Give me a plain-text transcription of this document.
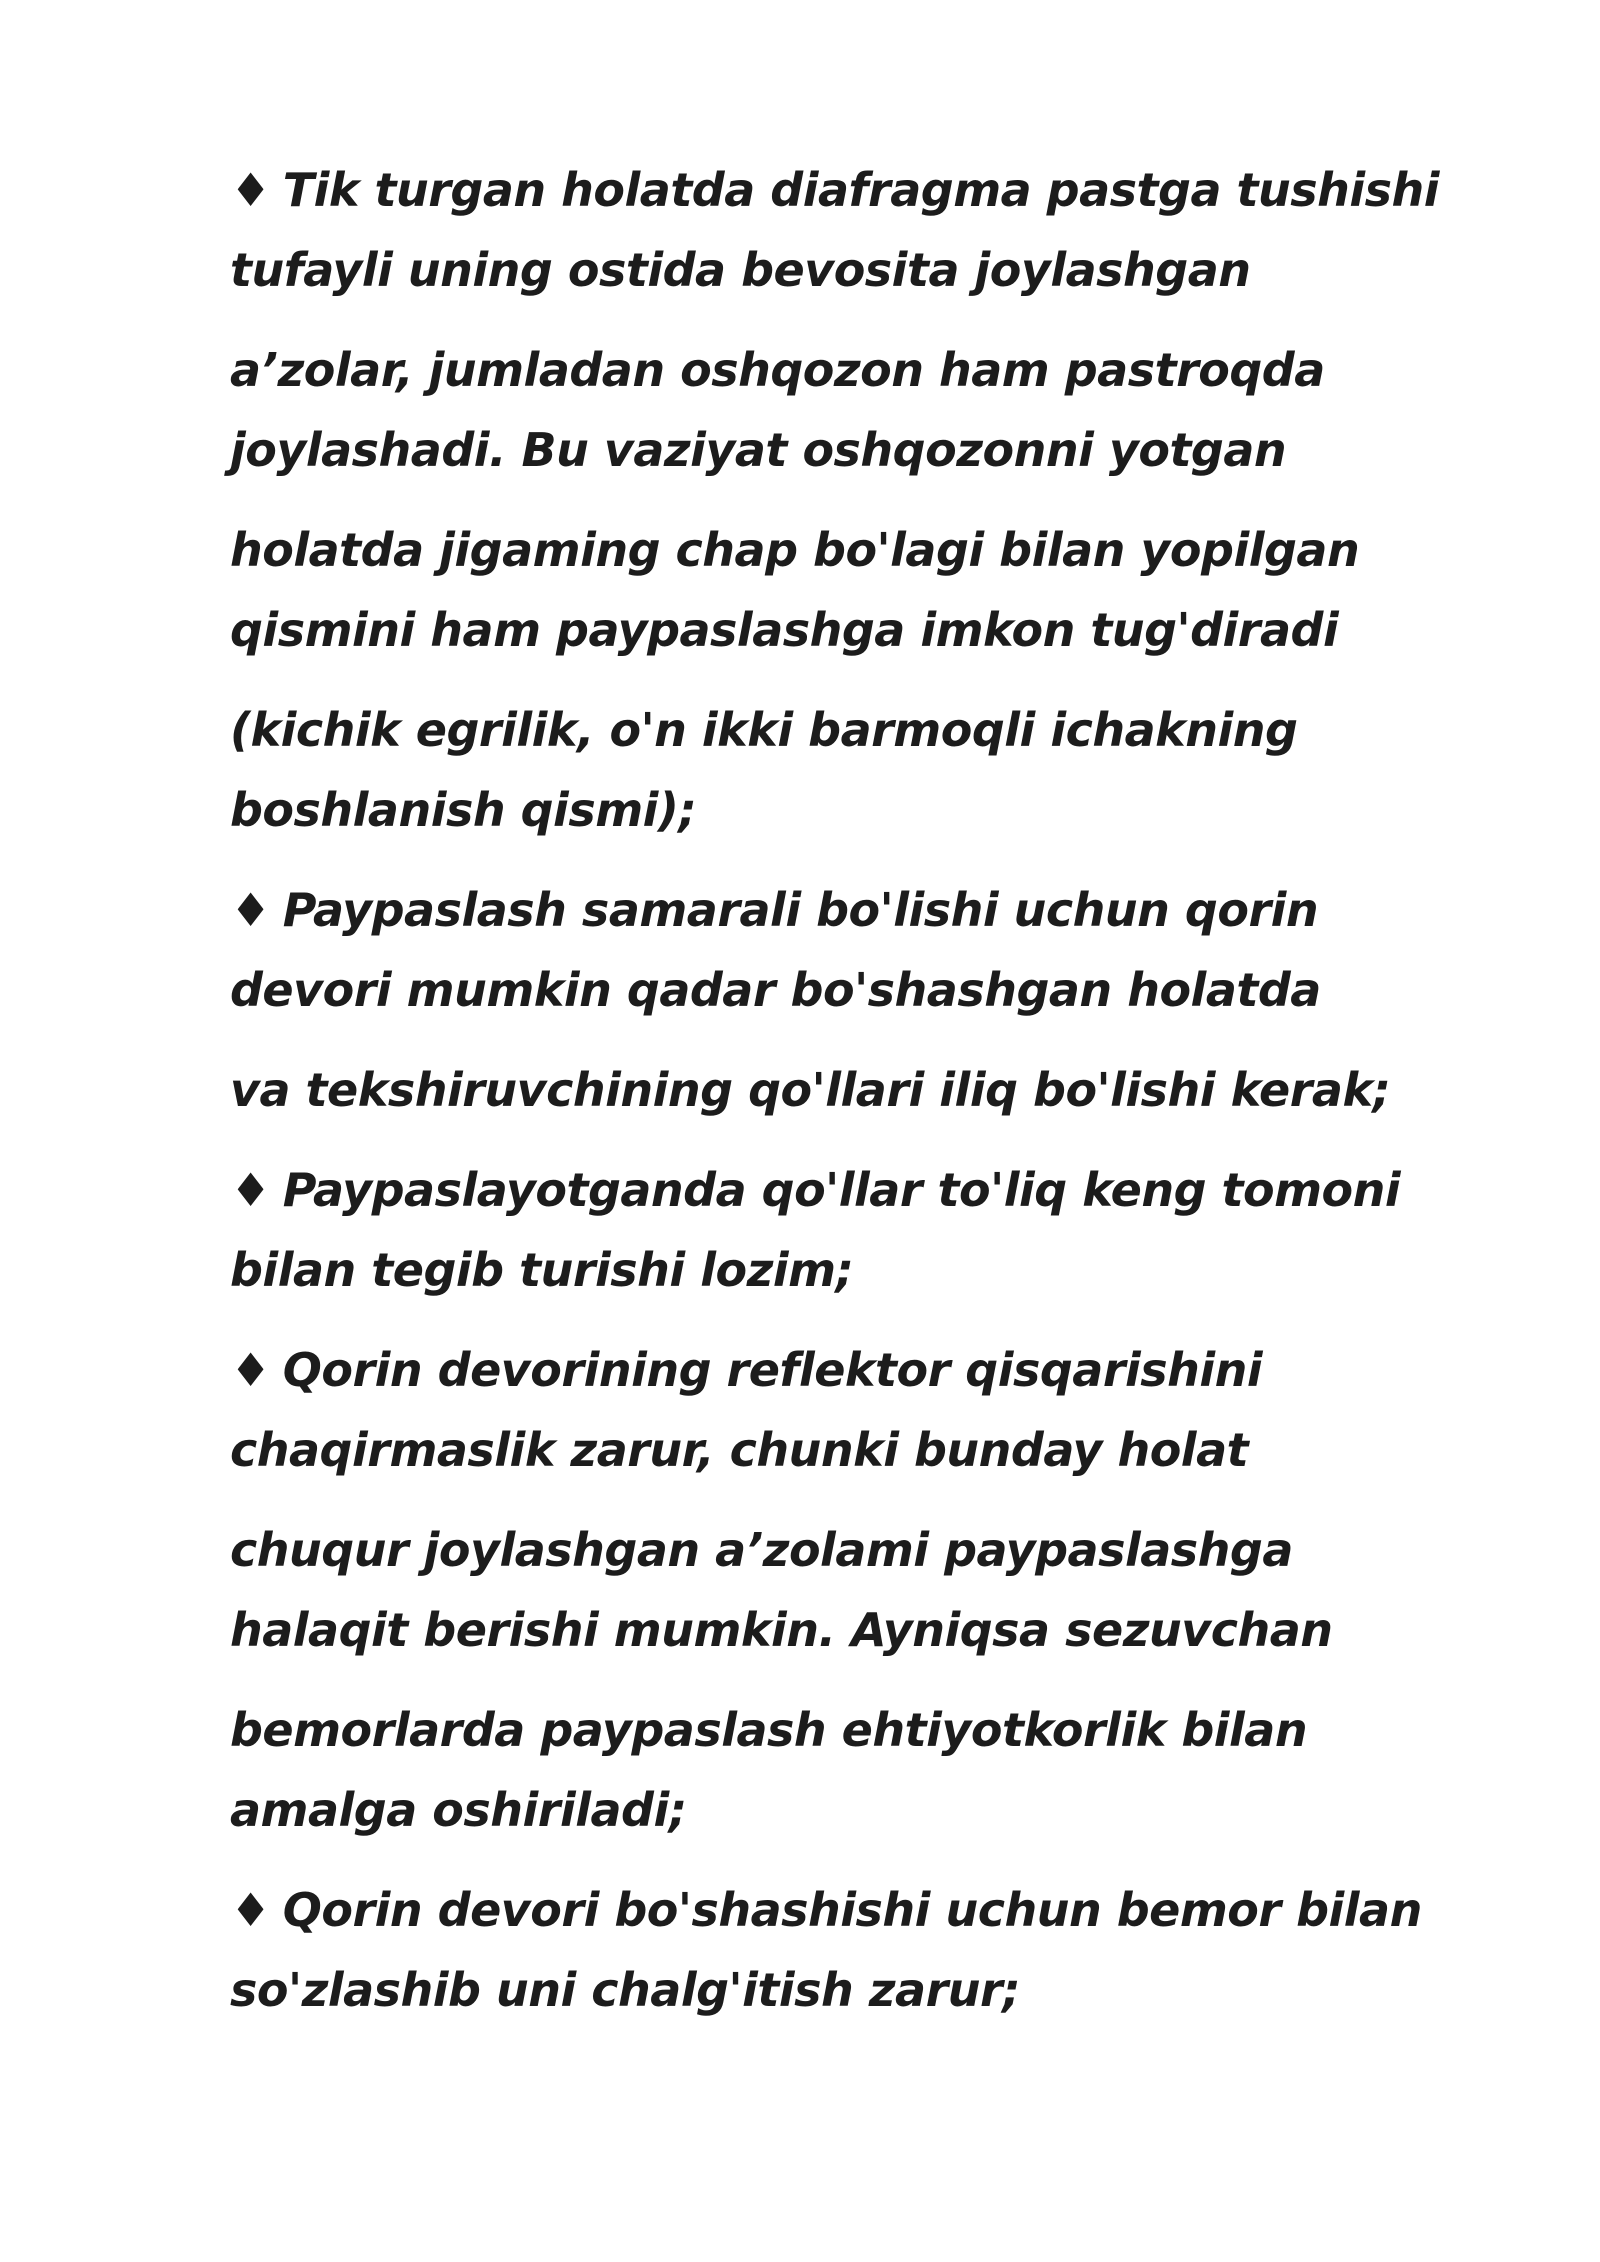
♦ Tik turgan holatda diafragma pastga tushishi
tufayli uning ostida bevosita joylashgan
a’zolar, jumladan oshqozon ham pastroqda
joylashadi. Bu vaziyat oshqozonni yotgan
holatda jigaming chap bo'lagi bilan yopilgan
qismini ham paypaslashga imkon tug'diradi
(kichik egrilik, o'n ikki barmoqli ichakning
boshlanish qismi);
♦ Paypaslash samarali bo'lishi uchun qorin
devori mumkin qadar bo'shashgan holatda
va tekshiruvchining qo'llari iliq bo'lishi kerak;
♦ Paypaslayotganda qo'llar to'liq keng tomoni
bilan tegib turishi lozim;
♦ Qorin devorining reflektor qisqarishini
chaqirmaslik zarur, chunki bunday holat
chuqur joylashgan a’zolami paypaslashga
halaqit berishi mumkin. Ayniqsa sezuvchan
bemorlarda paypaslash ehtiyotkorlik bilan
amalga oshiriladi;
♦ Qorin devori bo'shashishi uchun bemor bilan
so'zlashib uni chalg'itish zarur;
